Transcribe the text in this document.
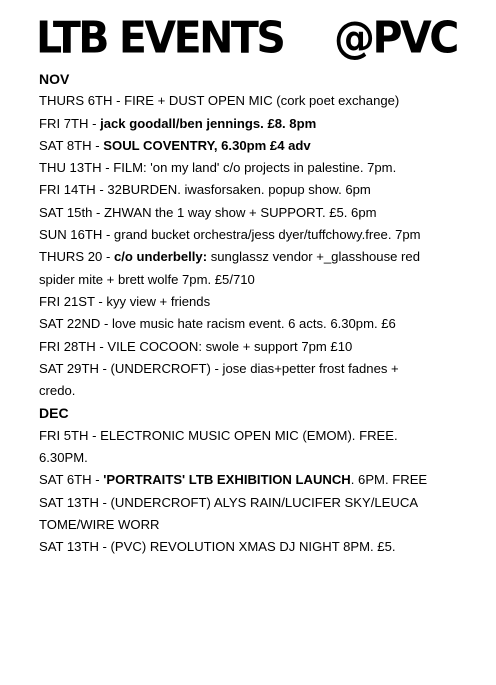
LTB EVENTS @PVC
NOV
THURS 6TH - FIRE + DUST OPEN MIC (cork poet exchange)
FRI 7TH - jack goodall/ben jennings. £8. 8pm
SAT 8TH - SOUL COVENTRY, 6.30pm £4 adv
THU 13TH - FILM: 'on my land' c/o projects in palestine. 7pm.
FRI 14TH - 32BURDEN. iwasforsaken. popup show. 6pm
SAT 15th - ZHWAN the 1 way show + SUPPORT. £5. 6pm
SUN 16TH - grand bucket orchestra/jess dyer/tuffchowy.free. 7pm
THURS 20 - c/o underbelly: sunglassz vendor +_glasshouse red
spider mite + brett wolfe 7pm. £5/710
FRI 21ST - kyy view + friends
SAT 22ND - love music hate racism event. 6 acts. 6.30pm. £6
FRI 28TH - VILE COCOON: swole + support 7pm £10
SAT 29TH - (UNDERCROFT) - jose dias+petter frost fadnes +
credo.
DEC
FRI 5TH - ELECTRONIC MUSIC OPEN MIC (EMOM). FREE.
6.30PM.
SAT 6TH - 'PORTRAITS' LTB EXHIBITION LAUNCH. 6PM. FREE
SAT 13TH - (UNDERCROFT) ALYS RAIN/LUCIFER SKY/LEUCA
TOME/WIRE WORR
SAT 13TH - (PVC) REVOLUTION XMAS DJ NIGHT 8PM. £5.
